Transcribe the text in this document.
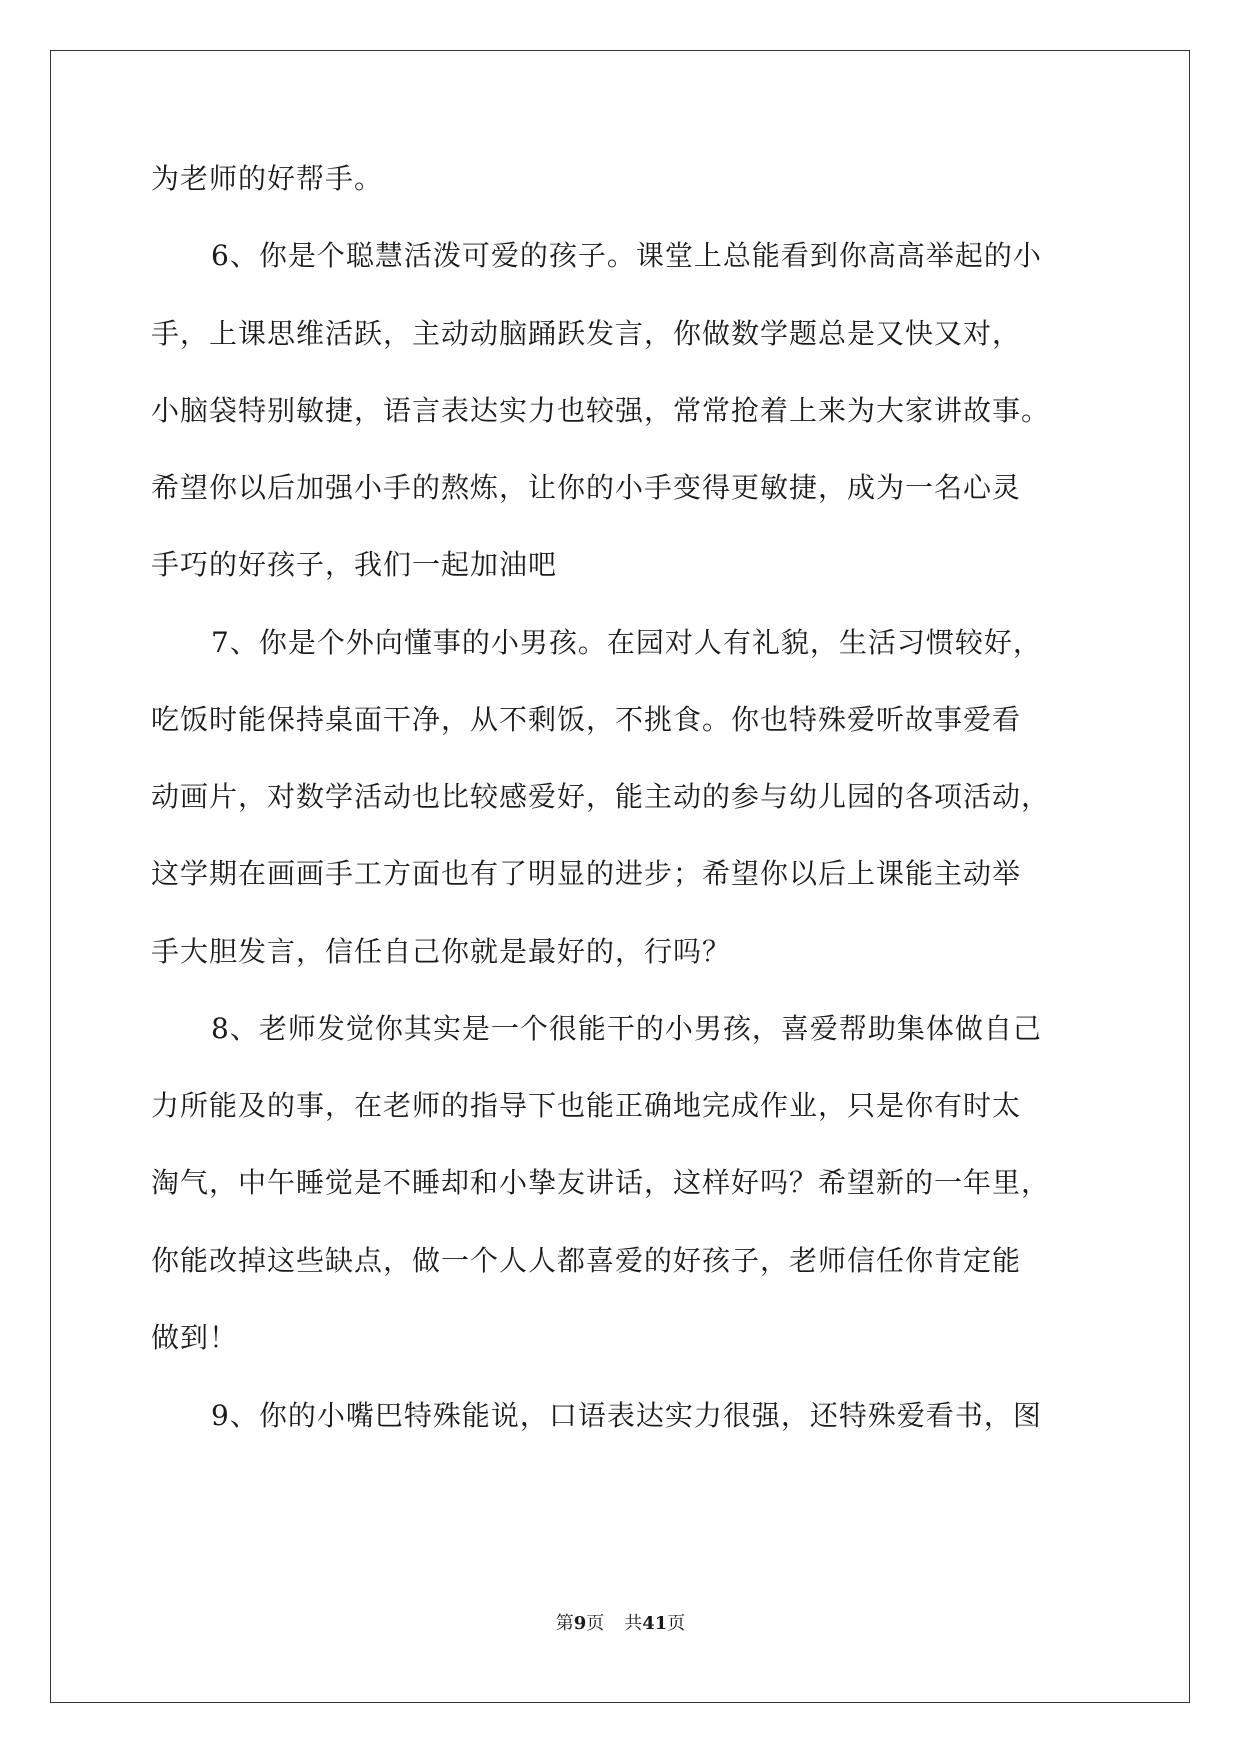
为老师的好帮手。
6、你是个聪慧活泼可爱的孩子。课堂上总能看到你高高举起的小
手，上课思维活跃，主动动脑踊跃发言，你做数学题总是又快又对，
小脑袋特别敏捷，语言表达实力也较强，常常抢着上来为大家讲故事。
希望你以后加强小手的熬炼，让你的小手变得更敏捷，成为一名心灵
手巧的好孩子，我们一起加油吧
7、你是个外向懂事的小男孩。在园对人有礼貌，生活习惯较好，
吃饭时能保持桌面干净，从不剩饭，不挑食。你也特殊爱听故事爱看
动画片，对数学活动也比较感爱好，能主动的参与幼儿园的各项活动，
这学期在画画手工方面也有了明显的进步；希望你以后上课能主动举
手大胆发言，信任自己你就是最好的，行吗？
8、老师发觉你其实是一个很能干的小男孩，喜爱帮助集体做自己
力所能及的事，在老师的指导下也能正确地完成作业，只是你有时太
淘气，中午睡觉是不睡却和小挚友讲话，这样好吗？希望新的一年里，
你能改掉这些缺点，做一个人人都喜爱的好孩子，老师信任你肯定能
做到！
9、你的小嘴巴特殊能说，口语表达实力很强，还特殊爱看书，图
第9页 共41页
